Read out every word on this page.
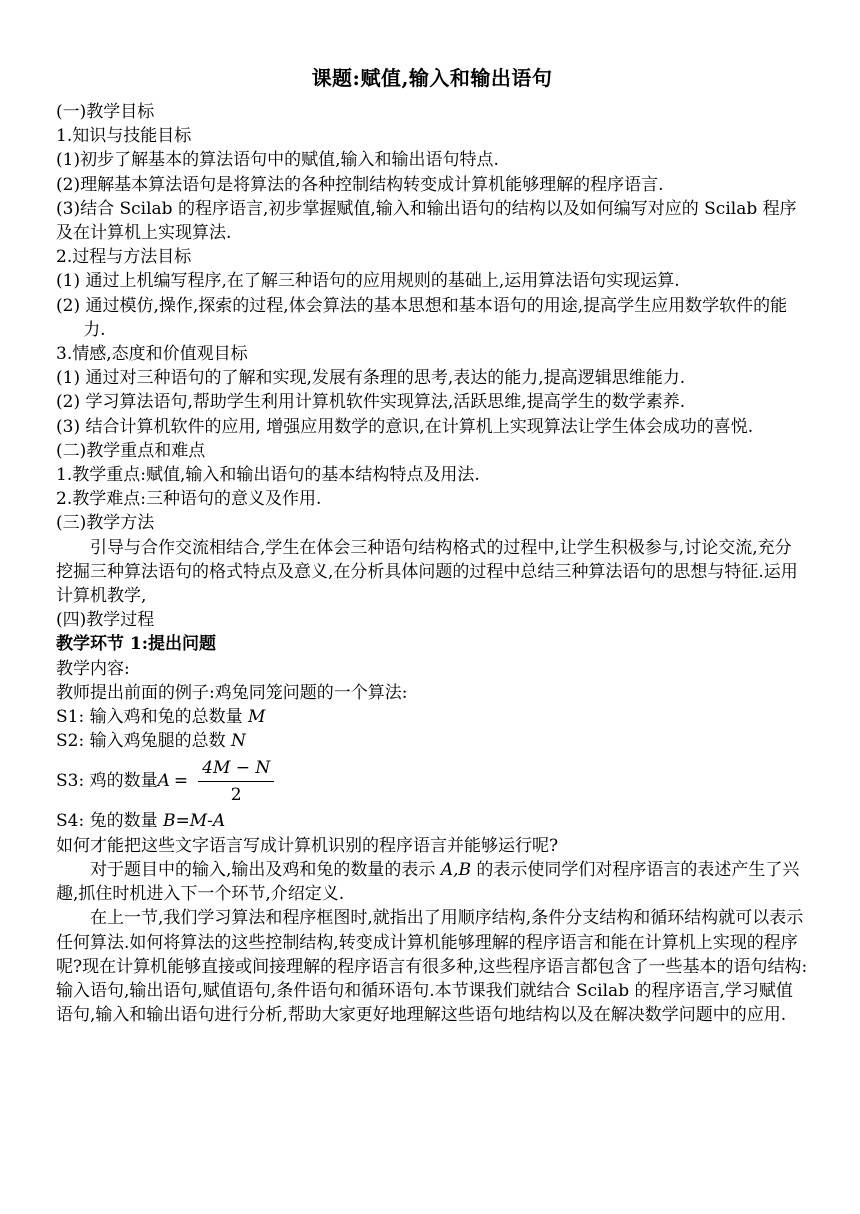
课题:赋值,输入和输出语句

(一)教学目标

1.知识与技能目标

(1)初步了解基本的算法语句中的赋值,输入和输出语句特点.

(2)理解基本算法语句是将算法的各种控制结构转变成计算机能够理解的程序语言.

(3)结合 Scilab 的程序语言,初步掌握赋值,输入和输出语句的结构以及如何编写对应的 Scilab 程序及在计算机上实现算法.

2.过程与方法目标

(1) 通过上机编写程序,在了解三种语句的应用规则的基础上,运用算法语句实现运算.

(2) 通过模仿,操作,探索的过程,体会算法的基本思想和基本语句的用途,提高学生应用数学软件的能力.

3.情感,态度和价值观目标

(1) 通过对三种语句的了解和实现,发展有条理的思考,表达的能力,提高逻辑思维能力.

(2) 学习算法语句,帮助学生利用计算机软件实现算法,活跃思维,提高学生的数学素养.

(3) 结合计算机软件的应用, 增强应用数学的意识,在计算机上实现算法让学生体会成功的喜悦.

(二)教学重点和难点

1.教学重点:赋值,输入和输出语句的基本结构特点及用法.

2.教学难点:三种语句的意义及作用.

(三)教学方法

引导与合作交流相结合,学生在体会三种语句结构格式的过程中,让学生积极参与,讨论交流,充分挖掘三种算法语句的格式特点及意义,在分析具体问题的过程中总结三种算法语句的思想与特征.运用计算机教学,

(四)教学过程

教学环节 1:提出问题

教学内容:

教师提出前面的例子:鸡兔同笼问题的一个算法:

S1: 输入鸡和兔的总数量 M

S2: 输入鸡兔腿的总数 N

S3: 鸡的数量 $A = \frac{4M - N}{2}$

S4: 兔的数量 B=M-A

如何才能把这些文字语言写成计算机识别的程序语言并能够运行呢?

对于题目中的输入,输出及鸡和兔的数量的表示 A,B 的表示使同学们对程序语言的表述产生了兴趣,抓住时机进入下一个环节,介绍定义.

在上一节,我们学习算法和程序框图时,就指出了用顺序结构,条件分支结构和循环结构就可以表示任何算法.如何将算法的这些控制结构,转变成计算机能够理解的程序语言和能在计算机上实现的程序呢?现在计算机能够直接或间接理解的程序语言有很多种,这些程序语言都包含了一些基本的语句结构:输入语句,输出语句,赋值语句,条件语句和循环语句.本节课我们就结合 Scilab 的程序语言,学习赋值语句,输入和输出语句进行分析,帮助大家更好地理解这些语句地结构以及在解决数学问题中的应用.
